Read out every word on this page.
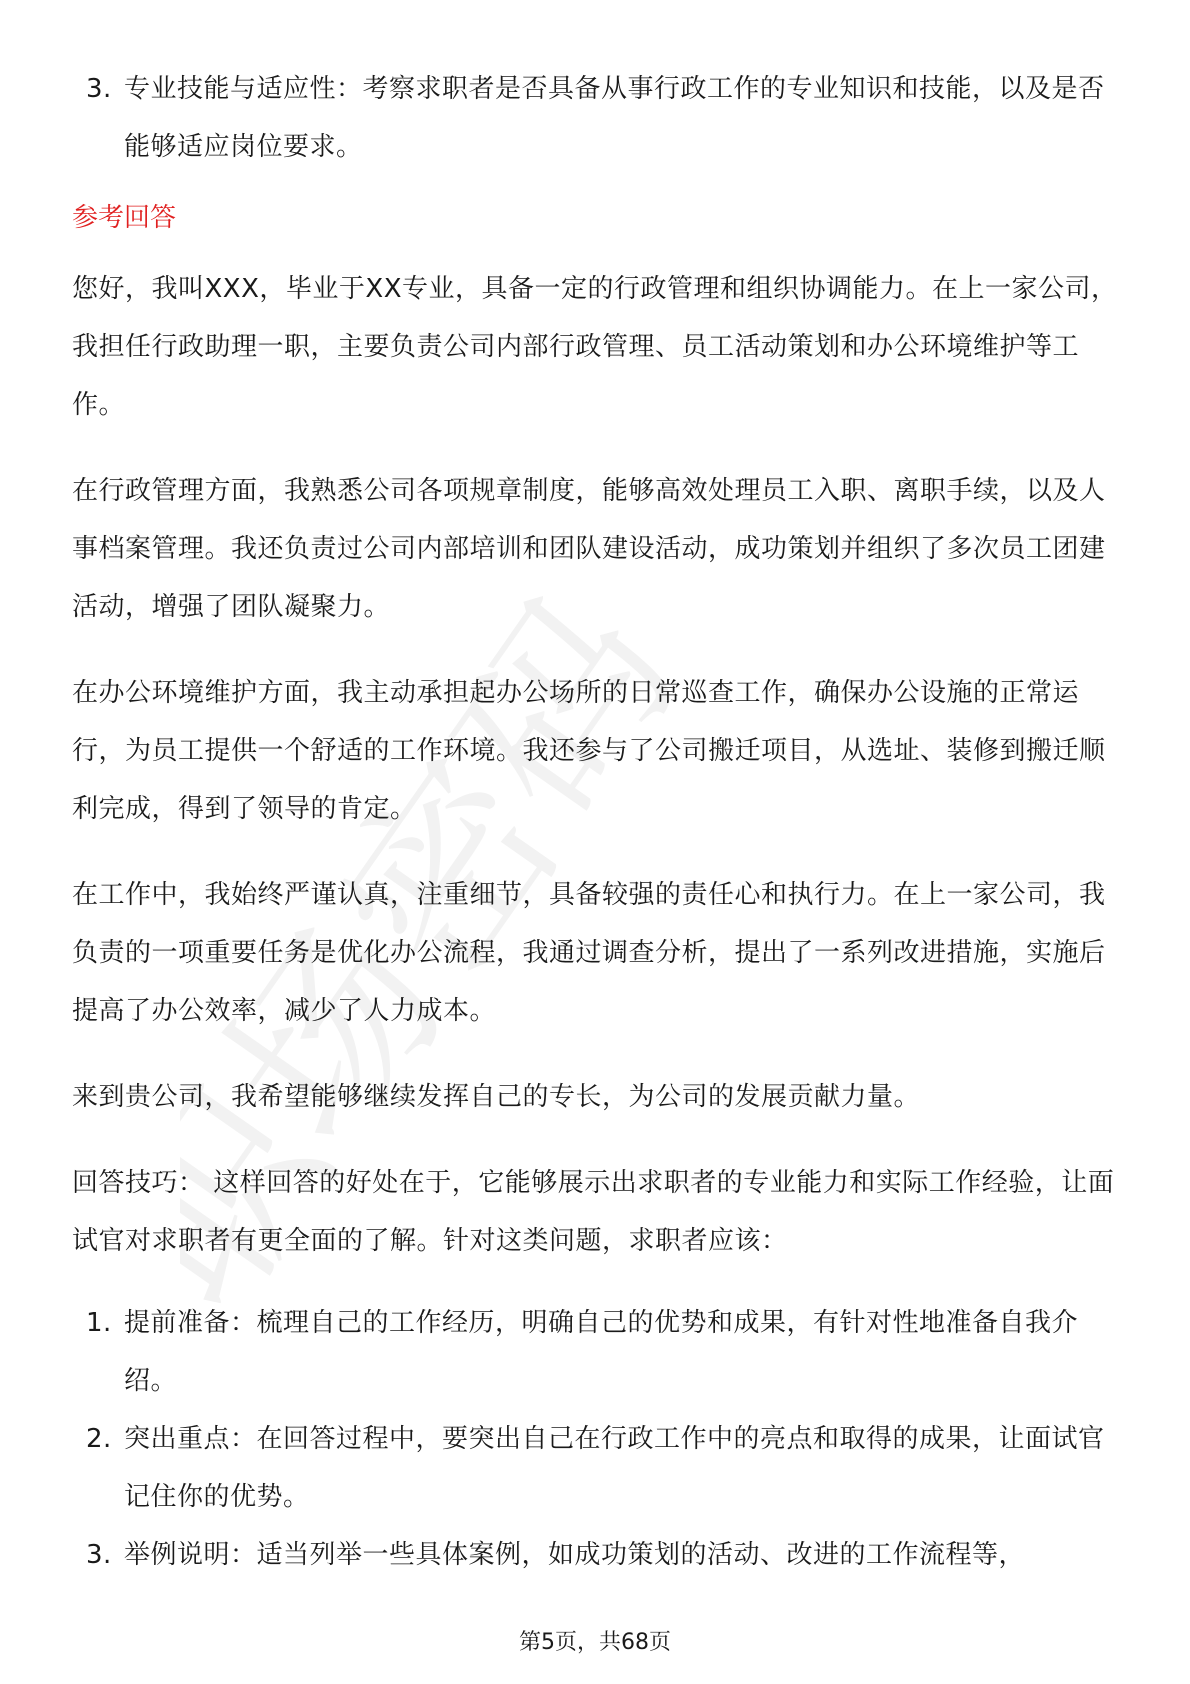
职场密码
3. 专业技能与适应性：考察求职者是否具备从事行政工作的专业知识和技能，以及是否能够适应岗位要求。
参考回答

您好，我叫XXX，毕业于XX专业，具备一定的行政管理和组织协调能力。在上一家公司，我担任行政助理一职，主要负责公司内部行政管理、员工活动策划和办公环境维护等工作。

在行政管理方面，我熟悉公司各项规章制度，能够高效处理员工入职、离职手续，以及人事档案管理。我还负责过公司内部培训和团队建设活动，成功策划并组织了多次员工团建活动，增强了团队凝聚力。

在办公环境维护方面，我主动承担起办公场所的日常巡查工作，确保办公设施的正常运行，为员工提供一个舒适的工作环境。我还参与了公司搬迁项目，从选址、装修到搬迁顺利完成，得到了领导的肯定。

在工作中，我始终严谨认真，注重细节，具备较强的责任心和执行力。在上一家公司，我负责的一项重要任务是优化办公流程，我通过调查分析，提出了一系列改进措施，实施后提高了办公效率，减少了人力成本。

来到贵公司，我希望能够继续发挥自己的专长，为公司的发展贡献力量。

回答技巧： 这样回答的好处在于，它能够展示出求职者的专业能力和实际工作经验，让面试官对求职者有更全面的了解。针对这类问题，求职者应该：

1. 提前准备：梳理自己的工作经历，明确自己的优势和成果，有针对性地准备自我介绍。
2. 突出重点：在回答过程中，要突出自己在行政工作中的亮点和取得的成果，让面试官记住你的优势。
3. 举例说明：适当列举一些具体案例，如成功策划的活动、改进的工作流程等，
第5页，共68页
